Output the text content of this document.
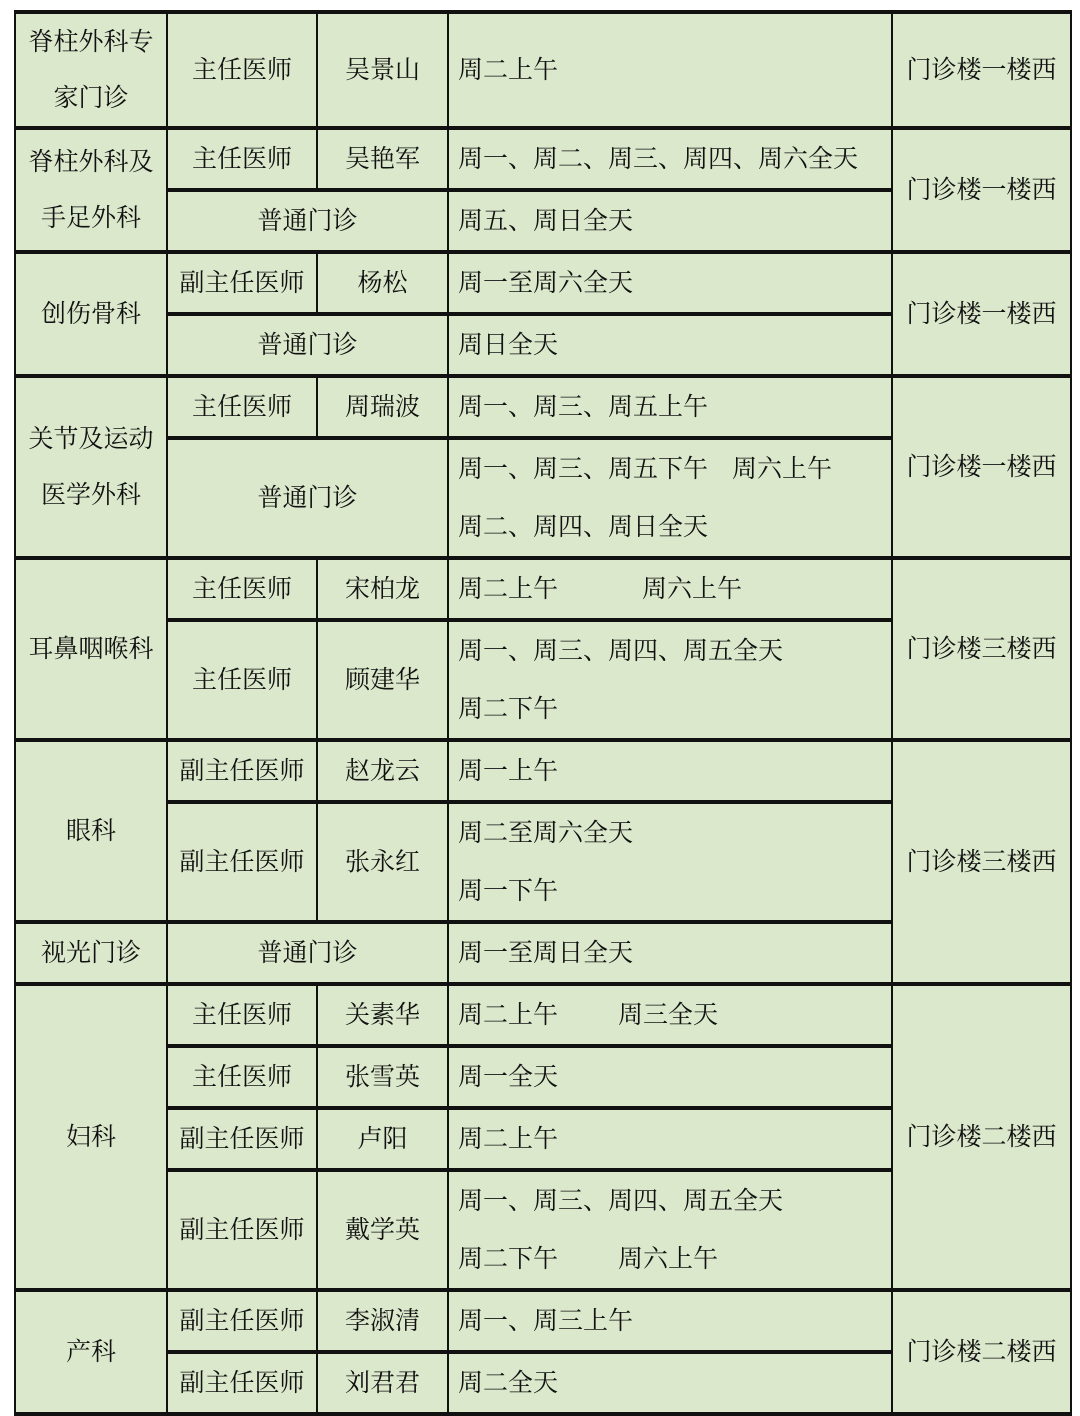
脊柱外科专家门诊	主任医师	吴景山	周二上午	门诊楼一楼西
脊柱外科及手足外科	主任医师	吴艳军	周一、周二、周三、周四、周六全天	门诊楼一楼西
	普通门诊		周五、周日全天	
创伤骨科	副主任医师	杨松	周一至周六全天	门诊楼一楼西
	普通门诊		周日全天	
关节及运动医学外科	主任医师	周瑞波	周一、周三、周五上午	门诊楼一楼西
	普通门诊		周一、周三、周五下午 周六上午
周二、周四、周日全天	

耳鼻咽喉科	主任医师	宋柏龙	周二上午 周六上午	门诊楼三楼西
	主任医师	顾建华	周一、周三、周四、周五全天
周二下午	

眼科	副主任医师	赵龙云	周一上午	门诊楼三楼西
	副主任医师	张永红	周二至周六全天
周一下午	

视光门诊	普通门诊		周一至周日全天	
妇科	主任医师	关素华	周二上午 周三全天	门诊楼二楼西
	主任医师	张雪英	周一全天	
	副主任医师	卢阳	周二上午	
	副主任医师	戴学英	周一、周三、周四、周五全天
周二下午 周六上午	

产科	副主任医师	李淑清	周一、周三上午	门诊楼二楼西
	副主任医师	刘君君	周二全天	
